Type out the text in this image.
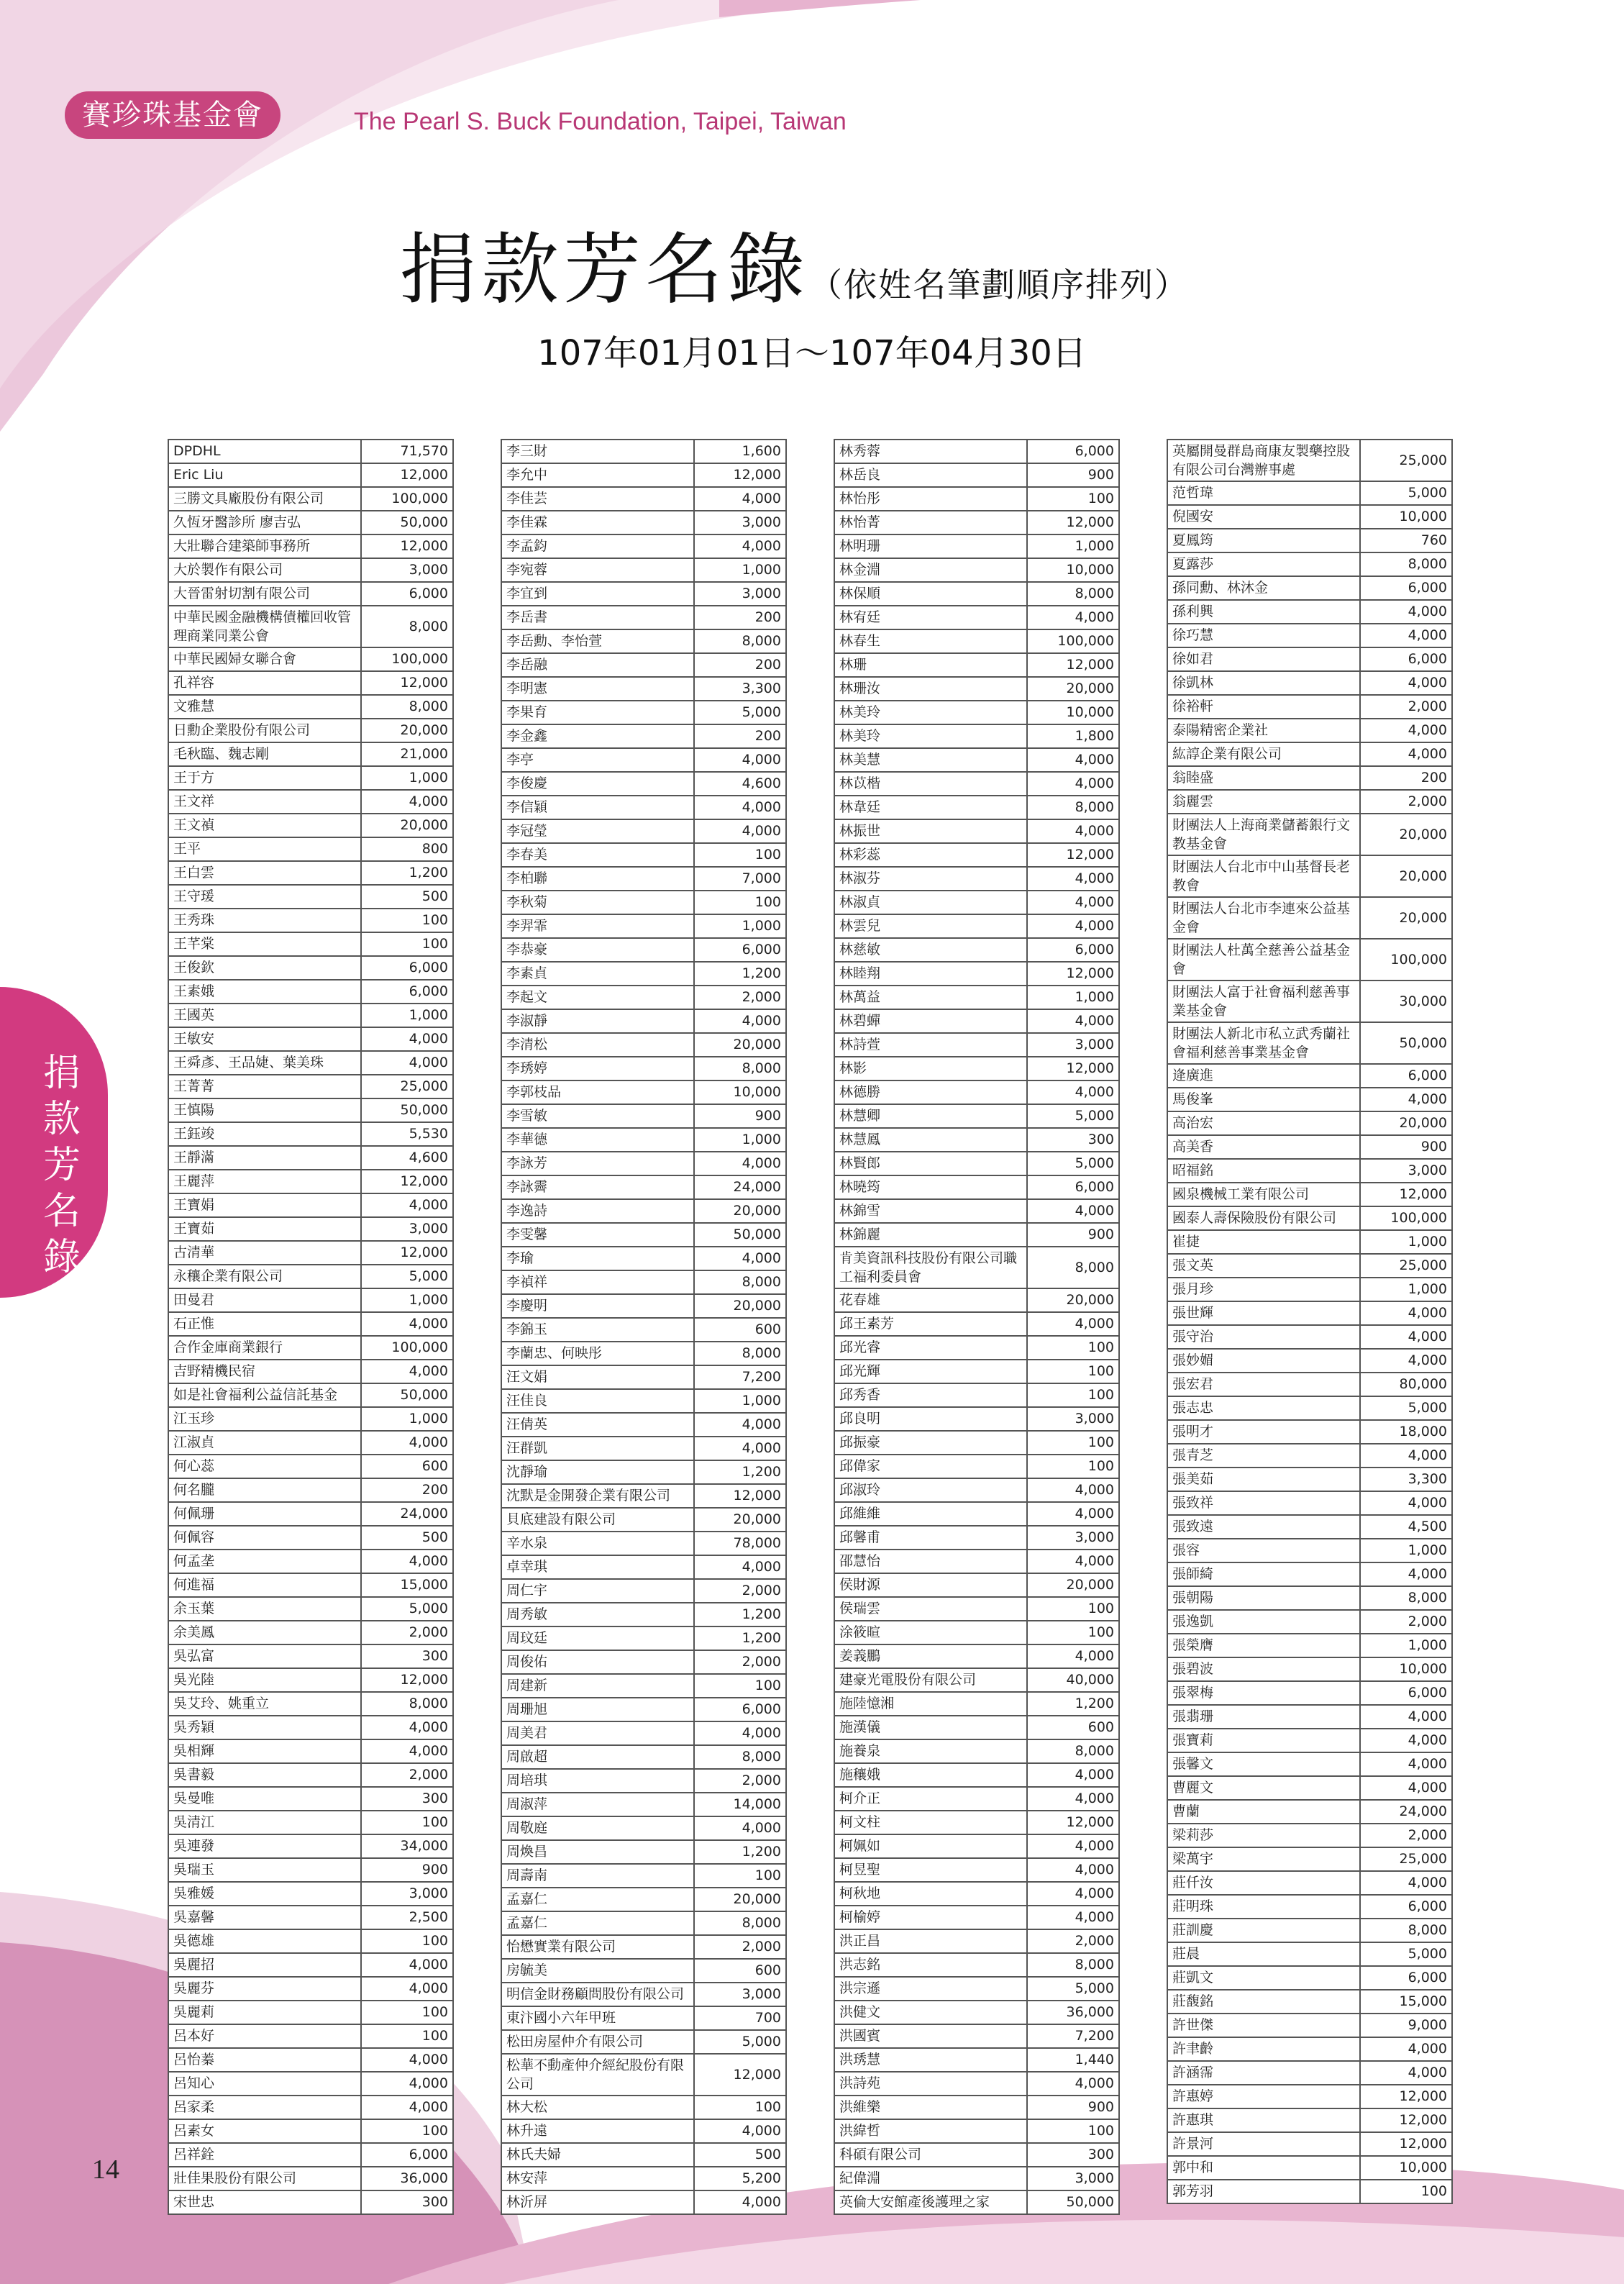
賽珍珠基金會	The Pearl S. Buck Foundation, Taipei, Taiwan
捐款芳名錄（依姓名筆劃順序排列）
107年01月01日～107年04月30日
捐款芳名錄
DPDHL	71,570
Eric Liu	12,000
三勝文具廠股份有限公司	100,000
久恆牙醫診所 廖吉弘	50,000
大壯聯合建築師事務所	12,000
大於製作有限公司	3,000
大晉雷射切割有限公司	6,000
中華民國金融機構債權回收管理商業同業公會
8,000
中華民國婦女聯合會	100,000
孔祥容	12,000
文雅慧	8,000
日勳企業股份有限公司	20,000
毛秋臨、魏志剛	21,000
王于方	1,000
王文祥	4,000
王文禎	20,000
王平	800
王白雲	1,200
王守瑗	500
王秀珠	100
王芊棠	100
王俊欽	6,000
王素娥	6,000
王國英	1,000
王敏安	4,000
王舜彥、王品婕、葉美珠	4,000
王菁菁	25,000
王慎陽	50,000
王鈺竣	5,530
王靜滿	4,600
王麗萍	12,000
王寶娟	4,000
王寶茹	3,000
古清華	12,000
永穰企業有限公司	5,000
田曼君	1,000
石正惟	4,000
合作金庫商業銀行	100,000
吉野精機民宿	4,000
如是社會福利公益信託基金	50,000
江玉珍	1,000
江淑貞	4,000
何心蕊	600
何名朧	200
何佩珊	24,000
何佩容	500
何孟垄	4,000
何進福	15,000
余玉葉	5,000
余美鳳	2,000
吳弘富	300
吳光陸	12,000
吳艾玲、姚重立	8,000
吳秀穎	4,000
吳相輝	4,000
吳書毅	2,000
吳曼唯	300
吳清江	100
吳連發	34,000
吳瑞玉	900
吳雅媛	3,000
吳嘉馨	2,500
吳德雄	100
吳麗招	4,000
吳麗芬	4,000
吳麗莉	100
呂本好	100
呂怡蓁	4,000
呂知心	4,000
呂家柔	4,000
呂素女	100
呂祥銓	6,000
壯佳果股份有限公司	36,000
宋世忠	300
李三財	1,600
李允中	12,000
李佳芸	4,000
李佳霖	3,000
李孟鈞	4,000
李宛蓉	1,000
李宜到	3,000
李岳書	200
李岳勳、李怡萱	8,000
李岳融	200
李明憲	3,300
李果育	5,000
李金鑫	200
李亭	4,000
李俊慶	4,600
李信穎	4,000
李冠瑩	4,000
李春美	100
李柏聯	7,000
李秋菊	100
李羿霏	1,000
李恭豪	6,000
李素貞	1,200
李起文	2,000
李淑靜	4,000
李清松	20,000
李琇婷	8,000
李郭枝品	10,000
李雪敏	900
李華德	1,000
李詠芳	4,000
李詠霽	24,000
李逸詩	20,000
李雯馨	50,000
李瑜	4,000
李禎祥	8,000
李慶明	20,000
李錦玉	600
李蘭忠、何映彤	8,000
汪文娟	7,200
汪佳良	1,000
汪倩英	4,000
汪群凱	4,000
沈靜瑜	1,200
沈默是金開發企業有限公司	12,000
貝底建設有限公司	20,000
辛水泉	78,000
卓幸琪	4,000
周仁宇	2,000
周秀敏	1,200
周玟廷	1,200
周俊佑	2,000
周建新	100
周珊旭	6,000
周美君	4,000
周啟超	8,000
周培琪	2,000
周淑萍	14,000
周敬庭	4,000
周煥昌	1,200
周壽南	100
孟嘉仁	20,000
孟嘉仁	8,000
怡懋實業有限公司	2,000
房毓美	600
明信金財務顧問股份有限公司	3,000
東汴國小六年甲班	700
松田房屋仲介有限公司	5,000
松華不動產仲介經紀股份有限公司
12,000
林大松	100
林升遠	4,000
林氏夫婦	500
林安萍	5,200
林沂屏	4,000
林秀蓉	6,000
林岳良	900
林怡彤	100
林怡菁	12,000
林明珊	1,000
林金淵	10,000
林保順	8,000
林宥廷	4,000
林春生	100,000
林珊	12,000
林珊汝	20,000
林美玲	10,000
林美玲	1,800
林美慧	4,000
林苡楷	4,000
林韋廷	8,000
林振世	4,000
林彩蕊	12,000
林淑芬	4,000
林淑貞	4,000
林雲兒	4,000
林慈敏	6,000
林睦翔	12,000
林萬益	1,000
林碧蟬	4,000
林詩萱	3,000
林影	12,000
林德勝	4,000
林慧卿	5,000
林慧鳳	300
林賢郎	5,000
林曉筠	6,000
林錦雪	4,000
林錦麗	900
肯美資訊科技股份有限公司職工福利委員會
8,000
花春雄	20,000
邱王素芳	4,000
邱光睿	100
邱光輝	100
邱秀香	100
邱良明	3,000
邱振豪	100
邱偉家	100
邱淑玲	4,000
邱維維	4,000
邱馨甫	3,000
邵慧怡	4,000
侯財源	20,000
侯瑞雲	100
涂筱暄	100
姜義鵬	4,000
建豪光電股份有限公司	40,000
施陸憶湘	1,200
施漢儀	600
施養泉	8,000
施穰娥	4,000
柯介正	4,000
柯文柱	12,000
柯姵如	4,000
柯昱聖	4,000
柯秋地	4,000
柯榆婷	4,000
洪正昌	2,000
洪志銘	8,000
洪宗遜	5,000
洪健文	36,000
洪國賓	7,200
洪琇慧	1,440
洪詩苑	4,000
洪維樂	900
洪緯哲	100
科碩有限公司	300
紀偉淵	3,000
英倫大安館產後護理之家	50,000
英屬開曼群島商康友製藥控股有限公司台灣辦事處
25,000
范哲瑋	5,000
倪國安	10,000
夏鳳筠	760
夏露莎	8,000
孫同勳、林沐金	6,000
孫利興	4,000
徐巧慧	4,000
徐如君	6,000
徐凱林	4,000
徐裕軒	2,000
泰陽精密企業社	4,000
紘諄企業有限公司	4,000
翁睦盛	200
翁麗雲	2,000
財團法人上海商業儲蓄銀行文教基金會
20,000
財團法人台北市中山基督長老教會
20,000
財團法人台北市李連來公益基金會
20,000
財團法人杜萬全慈善公益基金會
100,000
財團法人富于社會福利慈善事業基金會
30,000
財團法人新北市私立武秀蘭社會福利慈善事業基金會
50,000
逄廣進	6,000
馬俊峯	4,000
高治宏	20,000
高美香	900
昭福銘	3,000
國泉機械工業有限公司	12,000
國泰人壽保險股份有限公司	100,000
崔捷	1,000
張文英	25,000
張月珍	1,000
張世輝	4,000
張守治	4,000
張妙媚	4,000
張宏君	80,000
張志忠	5,000
張明才	18,000
張青芝	4,000
張美茹	3,300
張致祥	4,000
張致遠	4,500
張容	1,000
張師綺	4,000
張朝陽	8,000
張逸凱	2,000
張榮膺	1,000
張碧波	10,000
張翠梅	6,000
張翡珊	4,000
張寶莉	4,000
張馨文	4,000
曹麗文	4,000
曹蘭	24,000
梁莉莎	2,000
梁萬宇	25,000
莊仟汝	4,000
莊明珠	6,000
莊訓慶	8,000
莊晨	5,000
莊凱文	6,000
莊馥銘	15,000
許世傑	9,000
許聿齡	4,000
許涵霈	4,000
許惠婷	12,000
許惠琪	12,000
許景河	12,000
郭中和	10,000
郭芳羽	100
14
